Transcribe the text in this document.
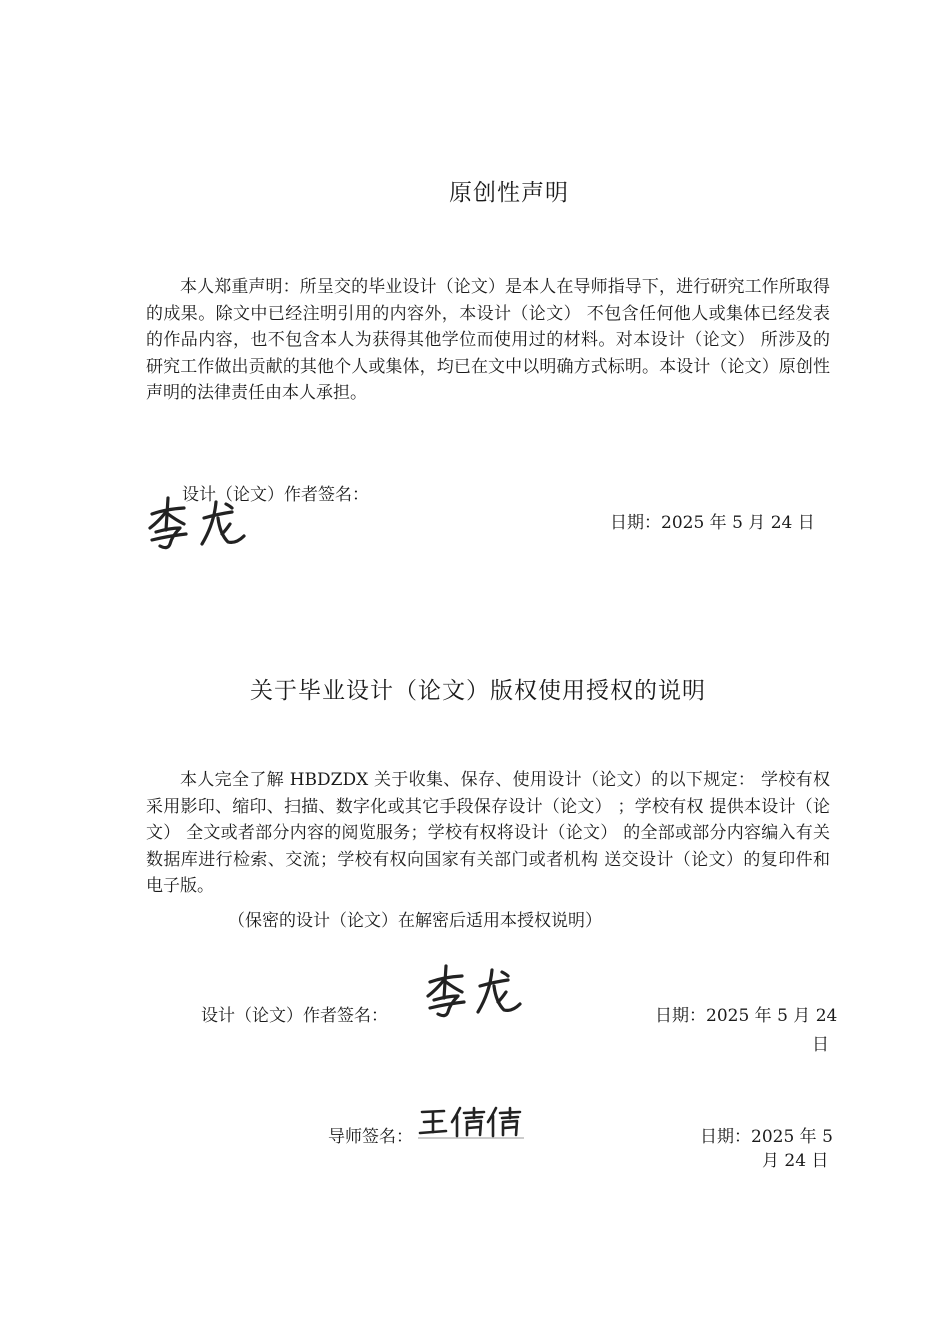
原创性声明

本人郑重声明：所呈交的毕业设计（论文）是本人在导师指导下，进行研究工作所取得的成果。除文中已经注明引用的内容外，本设计（论文） 不包含任何他人或集体已经发表的作品内容，也不包含本人为获得其他学位而使用过的材料。对本设计（论文） 所涉及的研究工作做出贡献的其他个人或集体，均已在文中以明确方式标明。本设计（论文）原创性声明的法律责任由本人承担。

设计（论文）作者签名：
日期：2025 年 5 月 24 日
关于毕业设计（论文）版权使用授权的说明

本人完全了解 HBDZDX 关于收集、保存、使用设计（论文）的以下规定： 学校有权采用影印、缩印、扫描、数字化或其它手段保存设计（论文） ；学校有权 提供本设计（论文） 全文或者部分内容的阅览服务；学校有权将设计（论文） 的全部或部分内容编入有关数据库进行检索、交流；学校有权向国家有关部门或者机构 送交设计（论文）的复印件和电子版。

（保密的设计（论文）在解密后适用本授权说明）
设计（论文）作者签名：	日期：2025 年 5 月 24
日
导师签名：	日期：2025 年 5
月 24 日
